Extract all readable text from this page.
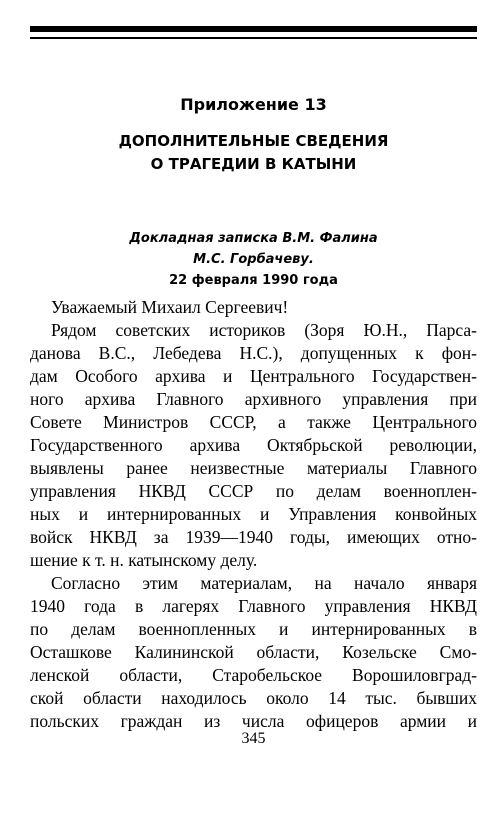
Приложение 13
ДОПОЛНИТЕЛЬНЫЕ СВЕДЕНИЯ
О ТРАГЕДИИ В КАТЫНИ
Докладная записка В.М. Фалина
М.С. Горбачеву.
22 февраля 1990 года
Уважаемый Михаил Сергеевич!
Рядом советских историков (Зоря Ю.Н., Парса-
данова В.С., Лебедева Н.С.), допущенных к фон-
дам Особого архива и Центрального Государствен-
ного архива Главного архивного управления при
Совете Министров СССР, а также Центрального
Государственного архива Октябрьской революции,
выявлены ранее неизвестные материалы Главного
управления НКВД СССР по делам военноплен-
ных и интернированных и Управления конвойных
войск НКВД за 1939—1940 годы, имеющих отно-
шение к т. н. катынскому делу.
Согласно этим материалам, на начало января
1940 года в лагерях Главного управления НКВД
по делам военнопленных и интернированных в
Осташкове Калининской области, Козельске Смо-
ленской области, Старобельское Ворошиловград-
ской области находилось около 14 тыс. бывших
польских граждан из числа офицеров армии и
345
